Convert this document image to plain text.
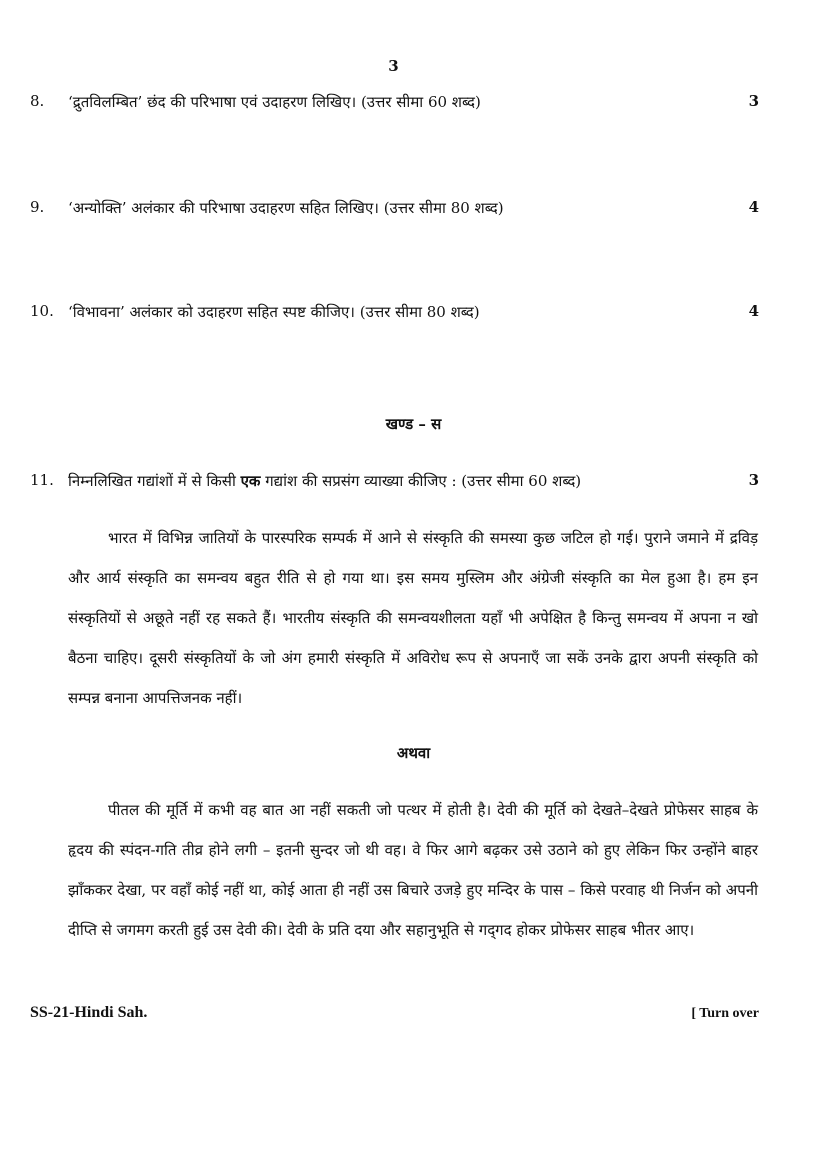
3
8. ‘द्रुतविलम्बित’ छंद की परिभाषा एवं उदाहरण लिखिए। (उत्तर सीमा 60 शब्द)	3
9. ‘अन्योक्ति’ अलंकार की परिभाषा उदाहरण सहित लिखिए। (उत्तर सीमा 80 शब्द)	4
10. ‘विभावना’ अलंकार को उदाहरण सहित स्पष्ट कीजिए। (उत्तर सीमा 80 शब्द)	4
खण्ड – स
11. निम्नलिखित गद्यांशों में से किसी एक गद्यांश की सप्रसंग व्याख्या कीजिए : (उत्तर सीमा 60 शब्द)	3
भारत में विभिन्न जातियों के पारस्परिक सम्पर्क में आने से संस्कृति की समस्या कुछ जटिल हो गई। पुराने जमाने में द्रविड़ और आर्य संस्कृति का समन्वय बहुत रीति से हो गया था। इस समय मुस्लिम और अंग्रेजी संस्कृति का मेल हुआ है। हम इन संस्कृतियों से अछूते नहीं रह सकते हैं। भारतीय संस्कृति की समन्वयशीलता यहाँ भी अपेक्षित है किन्तु समन्वय में अपना न खो बैठना चाहिए। दूसरी संस्कृतियों के जो अंग हमारी संस्कृति में अविरोध रूप से अपनाएँ जा सकें उनके द्वारा अपनी संस्कृति को सम्पन्न बनाना आपत्तिजनक नहीं।
अथवा
पीतल की मूर्ति में कभी वह बात आ नहीं सकती जो पत्थर में होती है। देवी की मूर्ति को देखते–देखते प्रोफेसर साहब के हृदय की स्पंदन-गति तीव्र होने लगी – इतनी सुन्दर जो थी वह। वे फिर आगे बढ़कर उसे उठाने को हुए लेकिन फिर उन्होंने बाहर झाँककर देखा, पर वहाँ कोई नहीं था, कोई आता ही नहीं उस बिचारे उजड़े हुए मन्दिर के पास – किसे परवाह थी निर्जन को अपनी दीप्ति से जगमग करती हुई उस देवी की। देवी के प्रति दया और सहानुभूति से गद्‌गद होकर प्रोफेसर साहब भीतर आए।
SS-21-Hindi Sah.	[ Turn over
